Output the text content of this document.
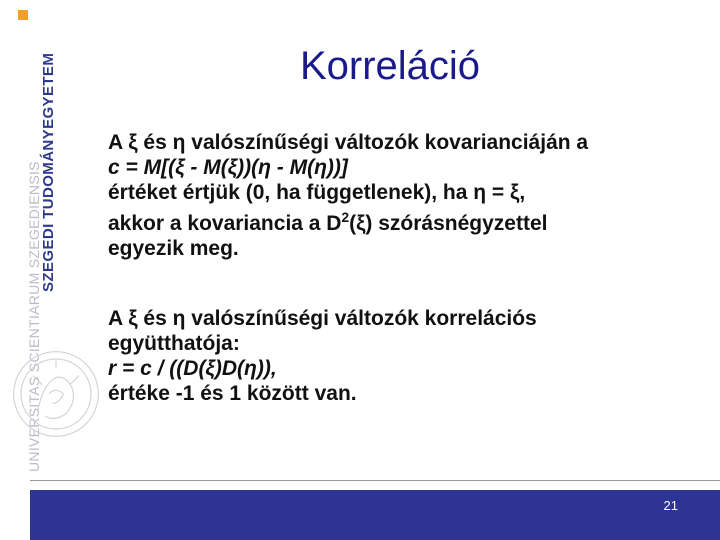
UNIVERSITAS SCIENTIARUM SZEGEDIENSIS
SZEGEDI TUDOMÁNYEGYETEM	Korreláció

A ξ és η valószínűségi változók kovarianciáján a
c = M[(ξ - M(ξ))(η - M(η))]
értéket értjük (0, ha függetlenek), ha η = ξ,
akkor a kovariancia a $D^2(\xi)$ szórásnégyzettel
egyezik meg.

A ξ és η valószínűségi változók korrelációs
együtthatója:
r = c / ((D(ξ)D(η)),
értéke -1 és 1 között van.

21
